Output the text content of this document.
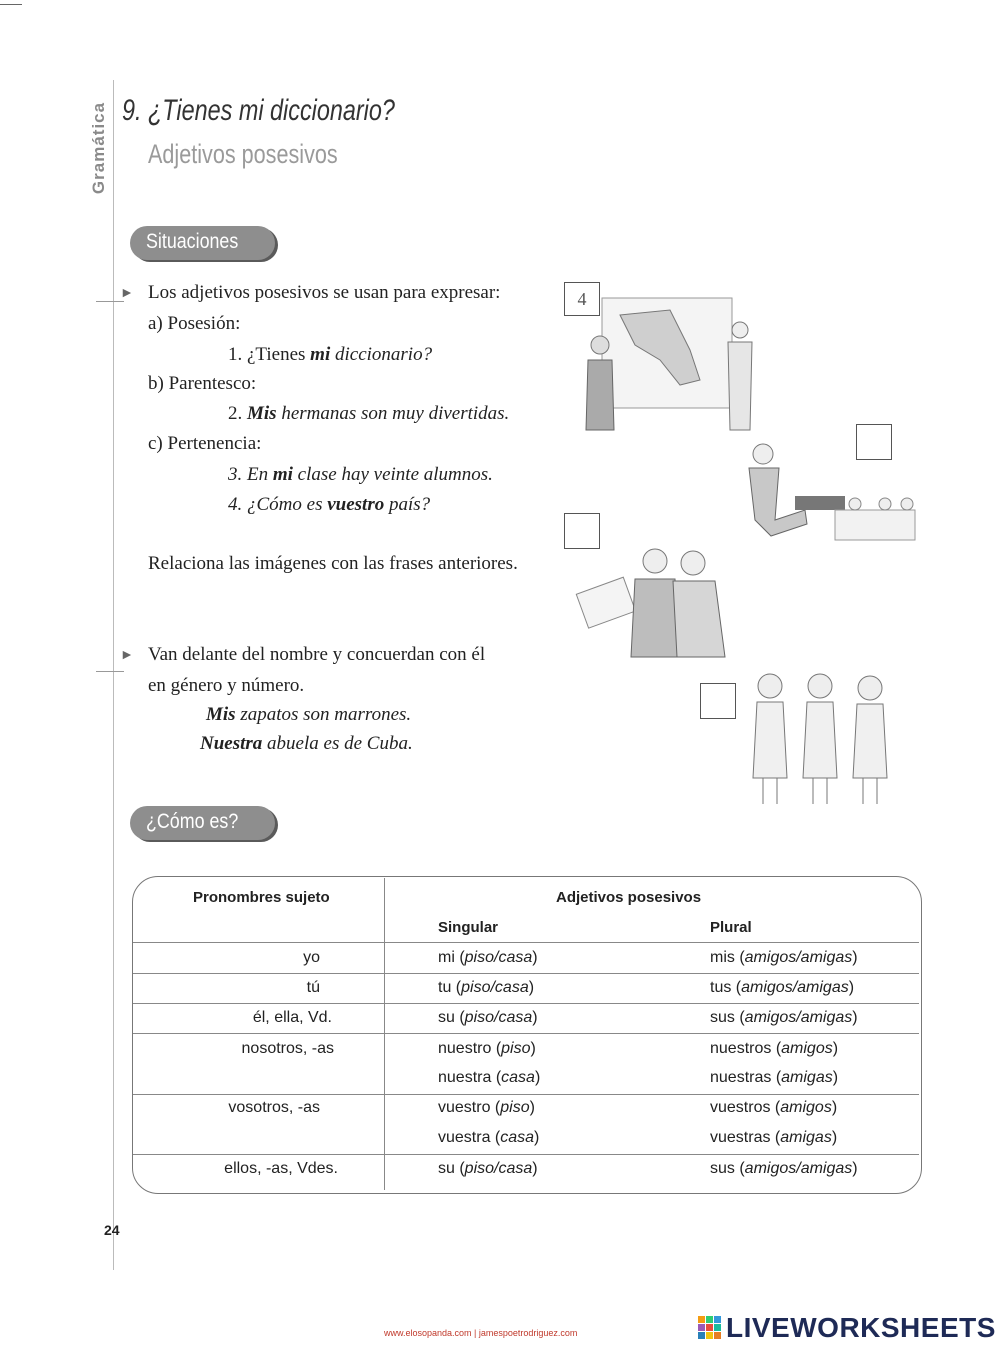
Gramática 9. ¿Tienes mi diccionario?
Adjetivos posesivos
Situaciones
► Los adjetivos posesivos se usan para expresar:
a) Posesión:
1. ¿Tienes mi diccionario?
b) Parentesco:
2. Mis hermanas son muy divertidas.
c) Pertenencia:
3. En mi clase hay veinte alumnos.
4. ¿Cómo es vuestro país?
Relaciona las imágenes con las frases anteriores.
4
► Van delante del nombre y concuerdan con él
en género y número.
Mis zapatos son marrones.
Nuestra abuela es de Cuba.
¿Cómo es?
Pronombres sujeto	Adjetivos posesivos
Singular	Plural
yo	mi (piso/casa)	mis (amigos/amigas)
tú	tu (piso/casa)	tus (amigos/amigas)
él, ella, Vd.	su (piso/casa)	sus (amigos/amigas)
nosotros, -as	nuestro (piso)	nuestros (amigos)
nuestra (casa)	nuestras (amigas)
vosotros, -as	vuestro (piso)	vuestros (amigos)
vuestra (casa)	vuestras (amigas)
ellos, -as, Vdes.	su (piso/casa)	sus (amigos/amigas)
24
www.elosopanda.com | jamespoetrodriguez.com	LIVEWORKSHEETS
